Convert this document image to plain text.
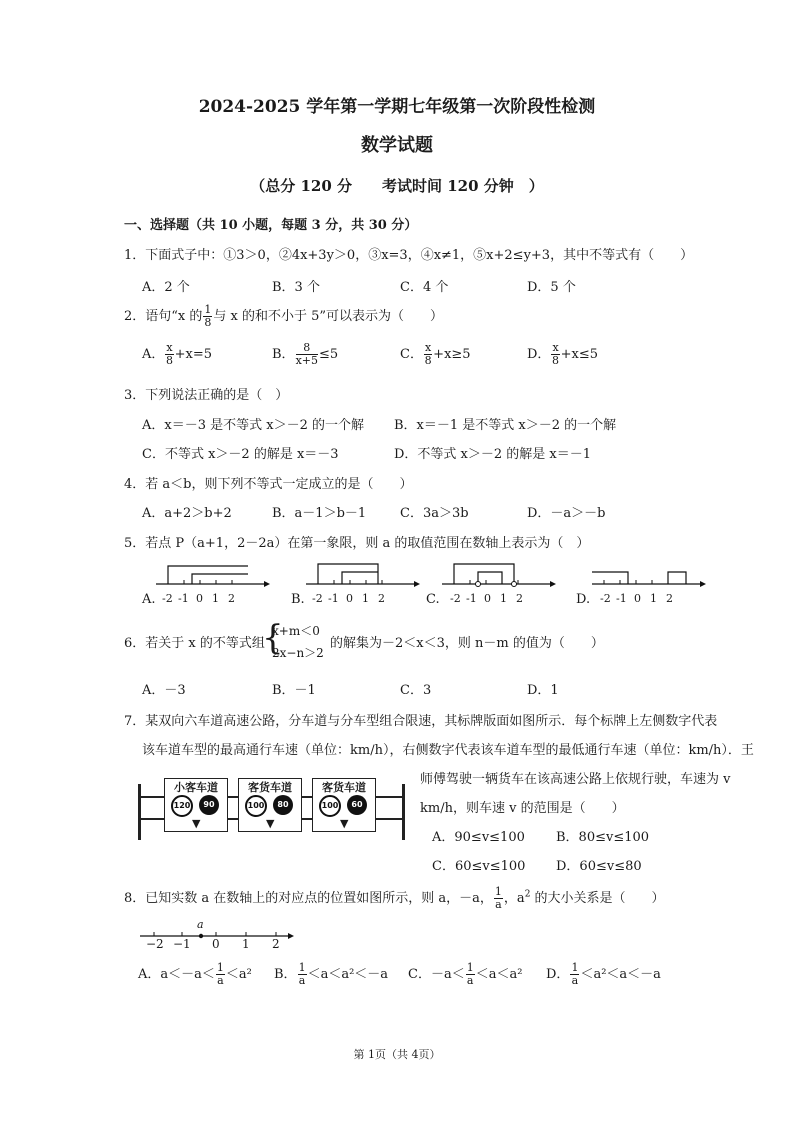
2024-2025 学年第一学期七年级第一次阶段性检测
数学试题
（总分 120 分　　考试时间 120 分钟　）
一、选择题（共 10 小题，每题 3 分，共 30 分）
1．下面式子中：①3＞0，②4x+3y＞0，③x=3，④x≠1，⑤x+2≤y+3，其中不等式有（　　）
A．2 个	B．3 个	C．4 个	D．5 个
2．语句“x 的 $\frac{1}{8}$ 与 x 的和不小于 5”可以表示为（　　）
A． $\frac{x}{8} +x=5$	B． $\frac{8}{x+5} \le 5$	C． $\frac{x}{8} +x\ge 5$	D． $\frac{x}{8} +x\le 5$
3．下列说法正确的是（　）
A．x＝－3 是不等式 x＞－2 的一个解 B．x＝－1 是不等式 x＞－2 的一个解
C．不等式 x＞－2 的解是 x＝－3	D．不等式 x＞－2 的解是 x＝－1
4．若 a＜b，则下列不等式一定成立的是（　　）
A．a+2＞b+2	B．a－1＞b－1	C．3a＞3b	D．－a＞－b
5．若点 P（a+1，2－2a）在第一象限，则 a 的取值范围在数轴上表示为（　）
A. -2 -1 0 1 2	B. -2 -1 0 1 2	C. -2 -1 0 1 2	D. -2 -1 0 1 2
6．若关于 x 的不等式组
{
x+m＜0
2x−n＞2
的解集为－2＜x＜3，则 n－m 的值为（　　）
A．－3	B．－1	C．3	D．1
7．某双向六车道高速公路，分车道与分车型组合限速，其标牌版面如图所示．每个标牌上左侧数字代表
该车道车型的最高通行车速（单位：km/h），右侧数字代表该车道车型的最低通行车速（单位：km/h）．王
师傅驾驶一辆货车在该高速公路上依规行驶，车速为 v
km/h，则车速 v 的范围是（　　）
A．90≤v≤100 B．80≤v≤100
C．60≤v≤100 D．60≤v≤80
小客车道
120	90
▼
客货车道
100	80
▼
客货车道
100	60
▼
8．已知实数 a 在数轴上的对应点的位置如图所示，则 a，－a， $\frac{1}{a}$ ，$a^2$ 的大小关系是（　　）
a
−2 −1 0 1 2
A．$a<-a< \frac{1}{a} <a^2$ B． $\frac{1}{a} <a<a^2<-a$ C．$-a< \frac{1}{a} <a<a^2$ D． $\frac{1}{a} <a^2<a<-a$
第 1页（共 4页）
